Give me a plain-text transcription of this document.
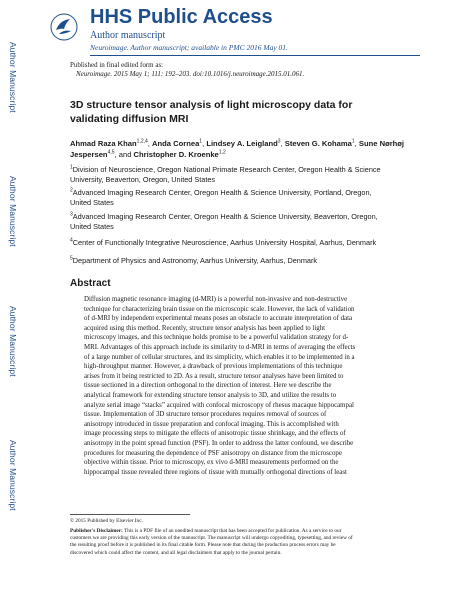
Author Manuscript
Author Manuscript
Author Manuscript
Author Manuscript
HHS Public Access
Author manuscript
Neuroimage. Author manuscript; available in PMC 2016 May 01.
Published in final edited form as:
Neuroimage. 2015 May 1; 111: 192–203. doi:10.1016/j.neuroimage.2015.01.061.
3D structure tensor analysis of light microscopy data for
validating diffusion MRI
Ahmad Raza Khan$^{1,2,4}$, Anda Cornea$^1$, Lindsey A. Leigland$^3$, Steven G. Kohama$^1$, Sune Nørhøj Jespersen$^{4,5}$, and Christopher D. Kroenke$^{1,2}$
$^1$Division of Neuroscience, Oregon National Primate Research Center, Oregon Health & Science
University, Beaverton, Oregon, United States
$^2$Advanced Imaging Research Center, Oregon Health & Science University, Portland, Oregon,
United States
$^3$Advanced Imaging Research Center, Oregon Health & Science University, Beaverton, Oregon,
United States
$^4$Center of Functionally Integrative Neuroscience, Aarhus University Hospital, Aarhus, Denmark
$^5$Department of Physics and Astronomy, Aarhus University, Aarhus, Denmark
Abstract
Diffusion magnetic resonance imaging (d-MRI) is a powerful non-invasive and non-destructive
technique for characterizing brain tissue on the microscopic scale. However, the lack of validation
of d-MRI by independent experimental means poses an obstacle to accurate interpretation of data
acquired using this method. Recently, structure tensor analysis has been applied to light
microscopy images, and this technique holds promise to be a powerful validation strategy for d-
MRI. Advantages of this approach include its similarity to d-MRI in terms of averaging the effects
of a large number of cellular structures, and its simplicity, which enables it to be implemented in a
high-throughput manner. However, a drawback of previous implementations of this technique
arises from it being restricted to 2D. As a result, structure tensor analyses have been limited to
tissue sectioned in a direction orthogonal to the direction of interest. Here we describe the
analytical framework for extending structure tensor analysis to 3D, and utilize the results to
analyze serial image “stacks” acquired with confocal microscopy of rhesus macaque hippocampal
tissue. Implementation of 3D structure tensor procedures requires removal of sources of
anisotropy introduced in tissue preparation and confocal imaging. This is accomplished with
image processing steps to mitigate the effects of anisotropic tissue shrinkage, and the effects of
anisotropy in the point spread function (PSF). In order to address the latter confound, we describe
procedures for measuring the dependence of PSF anisotropy on distance from the microscope
objective within tissue. Prior to microscopy, ex vivo d-MRI measurements performed on the
hippocampal tissue revealed three regions of tissue with mutually orthogonal directions of least
© 2015 Published by Elsevier Inc.
Publisher's Disclaimer: This is a PDF file of an unedited manuscript that has been accepted for publication. As a service to our
customers we are providing this early version of the manuscript. The manuscript will undergo copyediting, typesetting, and review of
the resulting proof before it is published in its final citable form. Please note that during the production process errors may be
discovered which could affect the content, and all legal disclaimers that apply to the journal pertain.
